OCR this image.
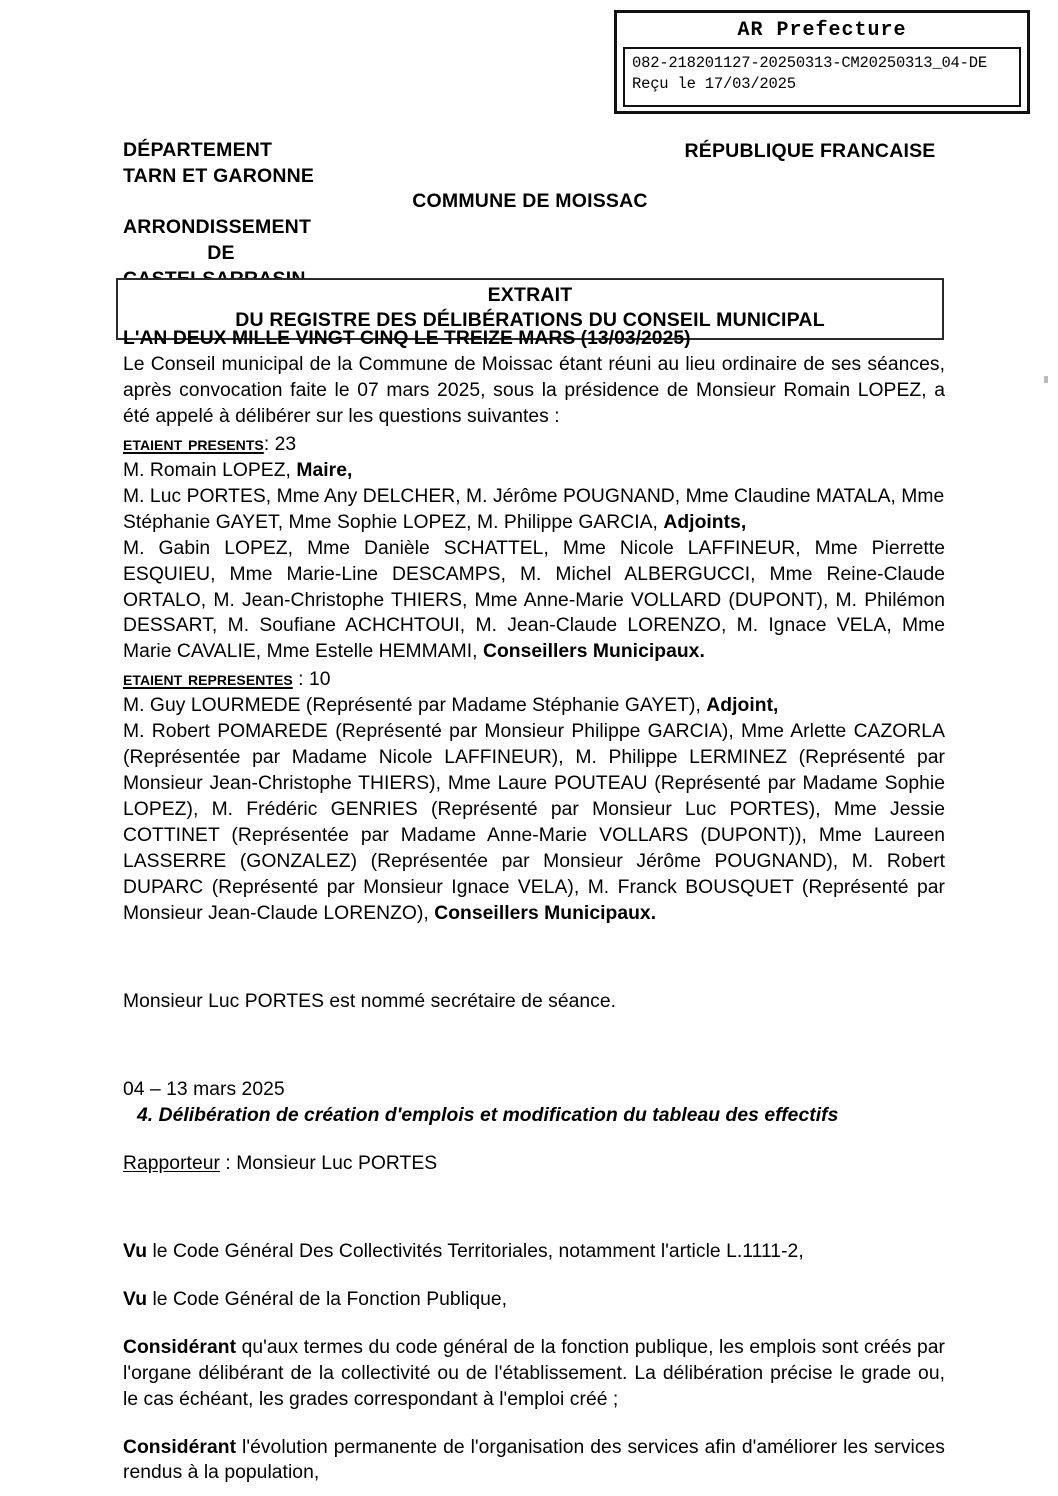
AR Prefecture
082-218201127-20250313-CM20250313_04-DE
Reçu le 17/03/2025
DÉPARTEMENT
TARN ET GARONNE
ARRONDISSEMENT
DE
RÉPUBLIQUE FRANCAISE
COMMUNE DE MOISSAC
EXTRAIT
DU REGISTRE DES DÉLIBÉRATIONS DU CONSEIL MUNICIPAL

L'AN DEUX MILLE VINGT CINQ LE TREIZE MARS (13/03/2025)

Le Conseil municipal de la Commune de Moissac étant réuni au lieu ordinaire de ses séances, après convocation faite le 07 mars 2025, sous la présidence de Monsieur Romain LOPEZ, a été appelé à délibérer sur les questions suivantes :

etaient presents: 23

M. Romain LOPEZ, Maire,

M. Luc PORTES, Mme Any DELCHER, M. Jérôme POUGNAND, Mme Claudine MATALA, Mme Stéphanie GAYET, Mme Sophie LOPEZ, M. Philippe GARCIA, Adjoints,

M. Gabin LOPEZ, Mme Danièle SCHATTEL, Mme Nicole LAFFINEUR, Mme Pierrette ESQUIEU, Mme Marie-Line DESCAMPS, M. Michel ALBERGUCCI, Mme Reine-Claude ORTALO, M. Jean-Christophe THIERS, Mme Anne-Marie VOLLARD (DUPONT), M. Philémon DESSART, M. Soufiane ACHCHTOUI, M. Jean-Claude LORENZO, M. Ignace VELA, Mme Marie CAVALIE, Mme Estelle HEMMAMI, Conseillers Municipaux.

etaient representes : 10

M. Guy LOURMEDE (Représenté par Madame Stéphanie GAYET), Adjoint,

M. Robert POMAREDE (Représenté par Monsieur Philippe GARCIA), Mme Arlette CAZORLA (Représentée par Madame Nicole LAFFINEUR), M. Philippe LERMINEZ (Représenté par Monsieur Jean-Christophe THIERS), Mme Laure POUTEAU (Représenté par Madame Sophie LOPEZ), M. Frédéric GENRIES (Représenté par Monsieur Luc PORTES), Mme Jessie COTTINET (Représentée par Madame Anne-Marie VOLLARS (DUPONT)), Mme Laureen LASSERRE (GONZALEZ) (Représentée par Monsieur Jérôme POUGNAND), M. Robert DUPARC (Représenté par Monsieur Ignace VELA), M. Franck BOUSQUET (Représenté par Monsieur Jean-Claude LORENZO), Conseillers Municipaux.

Monsieur Luc PORTES est nommé secrétaire de séance.

04 – 13 mars 2025

4. Délibération de création d'emplois et modification du tableau des effectifs

Rapporteur : Monsieur Luc PORTES

Vu le Code Général Des Collectivités Territoriales, notamment l'article L.1111-2,

Vu le Code Général de la Fonction Publique,

Considérant qu'aux termes du code général de la fonction publique, les emplois sont créés par l'organe délibérant de la collectivité ou de l'établissement. La délibération précise le grade ou, le cas échéant, les grades correspondant à l'emploi créé ;

Considérant l'évolution permanente de l'organisation des services afin d'améliorer les services rendus à la population,
